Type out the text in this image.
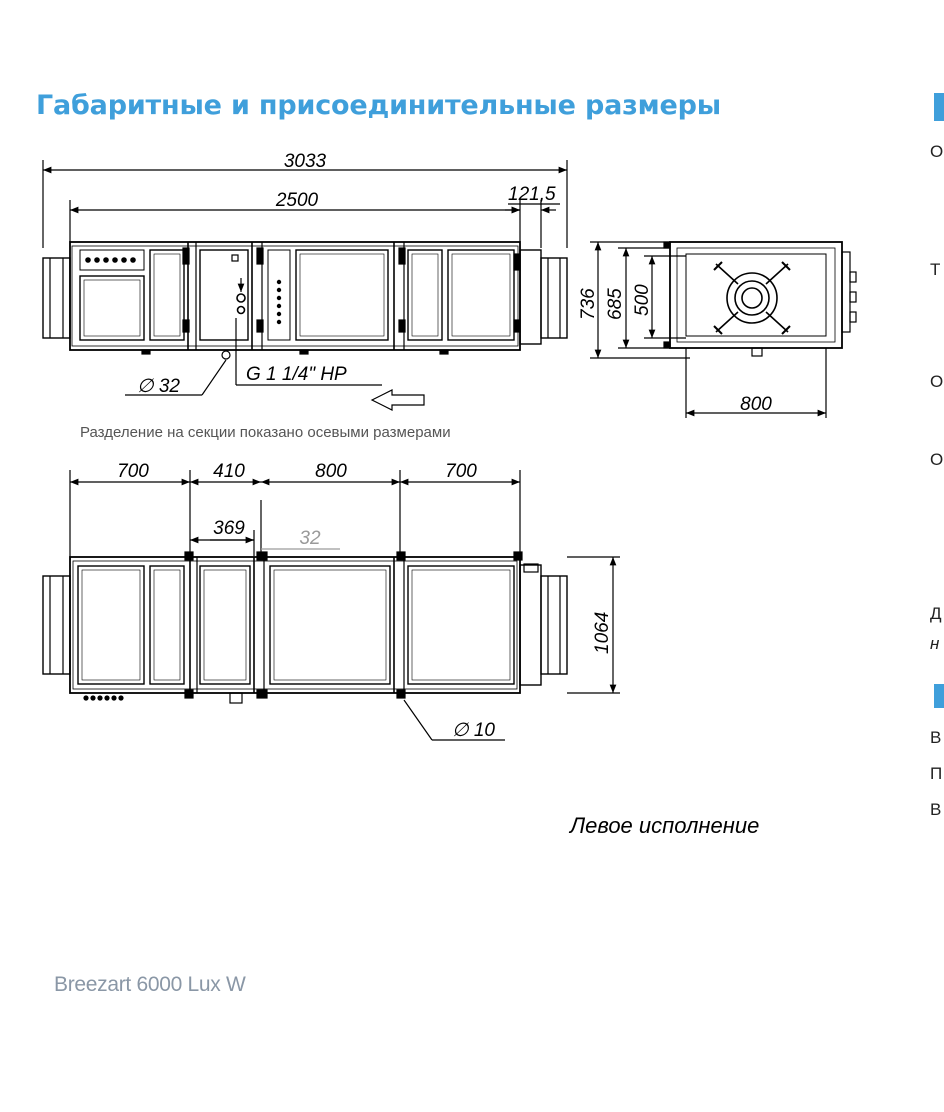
Габаритные и присоединительные размеры
О
Т
О
О
Д
н
В
П
В
3033
2500	121,5
∅ 32
G 1 1/4" НР
736 685 500
800
700	410	800	700
369	32
1064
∅ 10
Разделение на секции показано осевыми размерами
Левое исполнение
Breezart 6000 Lux W
